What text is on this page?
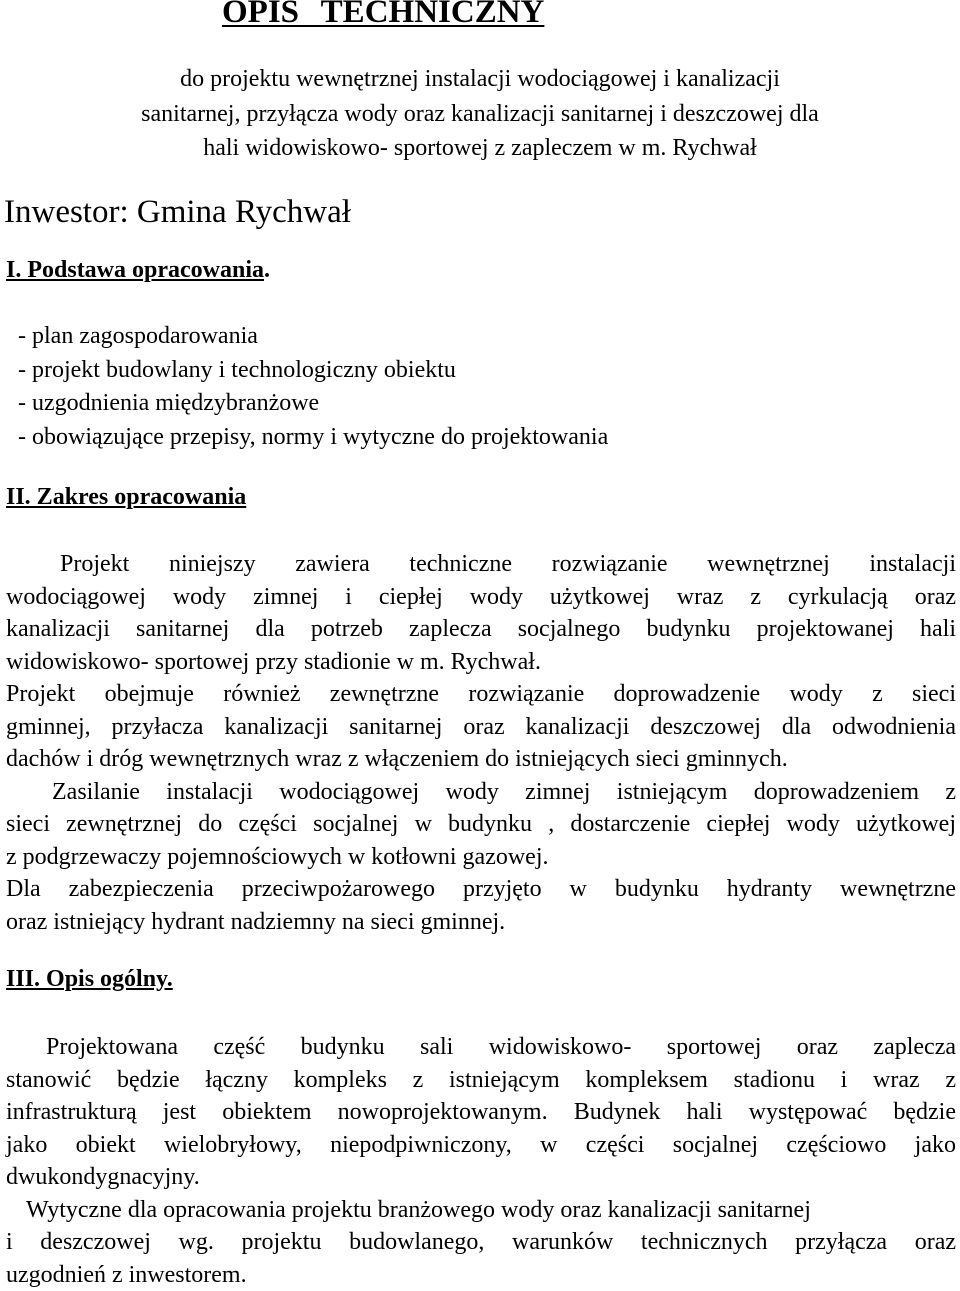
OPIS TECHNICZNY
do projektu wewnętrznej instalacji wodociągowej i kanalizacji
sanitarnej, przyłącza wody oraz kanalizacji sanitarnej i deszczowej dla
hali widowiskowo- sportowej z zapleczem w m. Rychwał
Inwestor: Gmina Rychwał
I. Podstawa opracowania.
- plan zagospodarowania
- projekt budowlany i technologiczny obiektu
- uzgodnienia międzybranżowe
- obowiązujące przepisy, normy i wytyczne do projektowania
II. Zakres opracowania
Projekt niniejszy zawiera techniczne rozwiązanie wewnętrznej instalacji
wodociągowej wody zimnej i ciepłej wody użytkowej wraz z cyrkulacją oraz
kanalizacji sanitarnej dla potrzeb zaplecza socjalnego budynku projektowanej hali
widowiskowo- sportowej przy stadionie w m. Rychwał.
Projekt obejmuje również zewnętrzne rozwiązanie doprowadzenie wody z sieci
gminnej, przyłacza kanalizacji sanitarnej oraz kanalizacji deszczowej dla odwodnienia
dachów i dróg wewnętrznych wraz z włączeniem do istniejących sieci gminnych.
Zasilanie instalacji wodociągowej wody zimnej istniejącym doprowadzeniem z
sieci zewnętrznej do części socjalnej w budynku , dostarczenie ciepłej wody użytkowej
z podgrzewaczy pojemnościowych w kotłowni gazowej.
Dla zabezpieczenia przeciwpożarowego przyjęto w budynku hydranty wewnętrzne
oraz istniejący hydrant nadziemny na sieci gminnej.
III. Opis ogólny.
Projektowana część budynku sali widowiskowo- sportowej oraz zaplecza
stanowić będzie łączny kompleks z istniejącym kompleksem stadionu i wraz z
infrastrukturą jest obiektem nowoprojektowanym. Budynek hali występować będzie
jako obiekt wielobryłowy, niepodpiwniczony, w części socjalnej częściowo jako
dwukondygnacyjny.
Wytyczne dla opracowania projektu branżowego wody oraz kanalizacji sanitarnej
i deszczowej wg. projektu budowlanego, warunków technicznych przyłącza oraz
uzgodnień z inwestorem.
